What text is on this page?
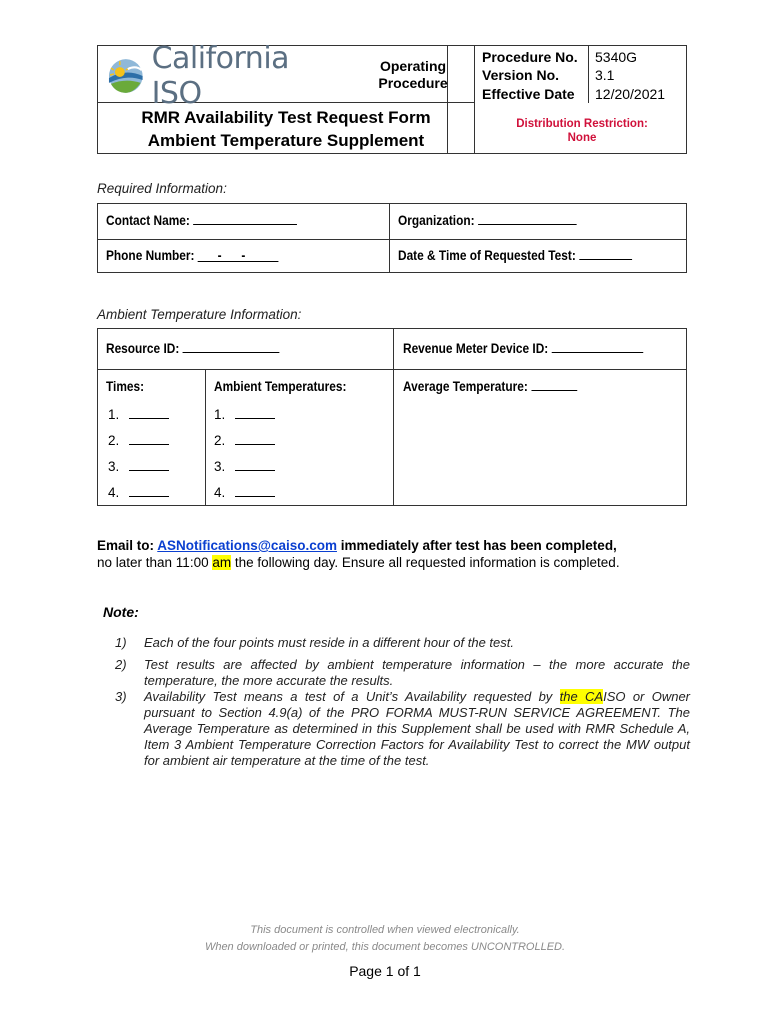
California ISO
Operating Procedure
RMR Availability Test Request Form
Ambient Temperature Supplement
Procedure No. 5340G
Version No.	3.1
Effective Date 12/20/2021
Distribution Restriction:
None
Required Information:
Contact Name:	Organization:
Phone Number: ___-___-_____	Date & Time of Requested Test:
Ambient Temperature Information:
Resource ID:	Revenue Meter Device ID:
Times:	Ambient Temperatures:	Average Temperature:
1.	1.
2.	2.
3.	3.
4.	4.
Email to: ASNotifications@caiso.com immediately after test has been completed,
no later than 11:00 am the following day. Ensure all requested information is completed.
Note:
1) Each of the four points must reside in a different hour of the test.
2) Test results are affected by ambient temperature information – the more accurate the temperature, the more accurate the results.
3) Availability Test means a test of a Unit’s Availability requested by the CAISO or Owner pursuant to Section 4.9(a) of the PRO FORMA MUST-RUN SERVICE AGREEMENT. The Average Temperature as determined in this Supplement shall be used with RMR Schedule A, Item 3 Ambient Temperature Correction Factors for Availability Test to correct the MW output for ambient air temperature at the time of the test.
This document is controlled when viewed electronically.
When downloaded or printed, this document becomes UNCONTROLLED.
Page 1 of 1
